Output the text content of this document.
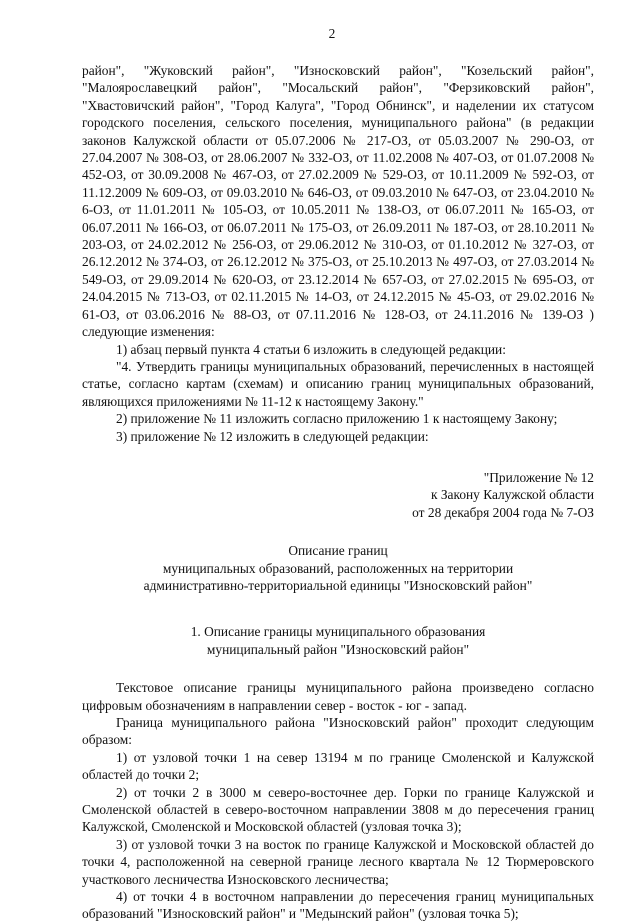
2

район", "Жуковский район", "Износковский район", "Козельский район", "Малоярославецкий район", "Мосальский район", "Ферзиковский район", "Хвастовичский район", "Город Калуга", "Город Обнинск", и наделении их статусом городского поселения, сельского поселения, муниципального района" (в редакции законов Калужской области от 05.07.2006 № 217-ОЗ, от 05.03.2007 № 290-ОЗ, от 27.04.2007 № 308-ОЗ, от 28.06.2007 № 332-ОЗ, от 11.02.2008 № 407-ОЗ, от 01.07.2008 № 452-ОЗ, от 30.09.2008 № 467-ОЗ, от 27.02.2009 № 529-ОЗ, от 10.11.2009 № 592-ОЗ, от 11.12.2009 № 609-ОЗ, от 09.03.2010 № 646-ОЗ, от 09.03.2010 № 647-ОЗ, от 23.04.2010 № 6-ОЗ, от 11.01.2011 № 105-ОЗ, от 10.05.2011 № 138-ОЗ, от 06.07.2011 № 165-ОЗ, от 06.07.2011 № 166-ОЗ, от 06.07.2011 № 175-ОЗ, от 26.09.2011 № 187-ОЗ, от 28.10.2011 № 203-ОЗ, от 24.02.2012 № 256-ОЗ, от 29.06.2012 № 310-ОЗ, от 01.10.2012 № 327-ОЗ, от 26.12.2012 № 374-ОЗ, от 26.12.2012 № 375-ОЗ, от 25.10.2013 № 497-ОЗ, от 27.03.2014 № 549-ОЗ, от 29.09.2014 № 620-ОЗ, от 23.12.2014 № 657-ОЗ, от 27.02.2015 № 695-ОЗ, от 24.04.2015 № 713-ОЗ, от 02.11.2015 № 14-ОЗ, от 24.12.2015 № 45-ОЗ, от 29.02.2016 № 61-ОЗ, от 03.06.2016 № 88-ОЗ, от 07.11.2016 № 128-ОЗ, от 24.11.2016 № 139-ОЗ ) следующие изменения:

1) абзац первый пункта 4 статьи 6 изложить в следующей редакции:

"4. Утвердить границы муниципальных образований, перечисленных в настоящей статье, согласно картам (схемам) и описанию границ муниципальных образований, являющихся приложениями № 11-12 к настоящему Закону."

2) приложение № 11 изложить согласно приложению 1 к настоящему Закону;

3) приложение № 12 изложить в следующей редакции:

"Приложение № 12
к Закону Калужской области
от 28 декабря 2004 года № 7-ОЗ
Описание границ
муниципальных образований, расположенных на территории
административно-территориальной единицы "Износковский район"
1. Описание границы муниципального образования
муниципальный район "Износковский район"

Текстовое описание границы муниципального района произведено согласно цифровым обозначениям в направлении север - восток - юг - запад.

Граница муниципального района "Износковский район" проходит следующим образом:

1) от узловой точки 1 на север 13194 м по границе Смоленской и Калужской областей до точки 2;

2) от точки 2 в 3000 м северо-восточнее дер. Горки по границе Калужской и Смоленской областей в северо-восточном направлении 3808 м до пересечения границ Калужской, Смоленской и Московской областей (узловая точка 3);

3) от узловой точки 3 на восток по границе Калужской и Московской областей до точки 4, расположенной на северной границе лесного квартала № 12 Тюрмеровского участкового лесничества Износковского лесничества;

4) от точки 4 в восточном направлении до пересечения границ муниципальных образований "Износковский район" и "Медынский район" (узловая точка 5);
